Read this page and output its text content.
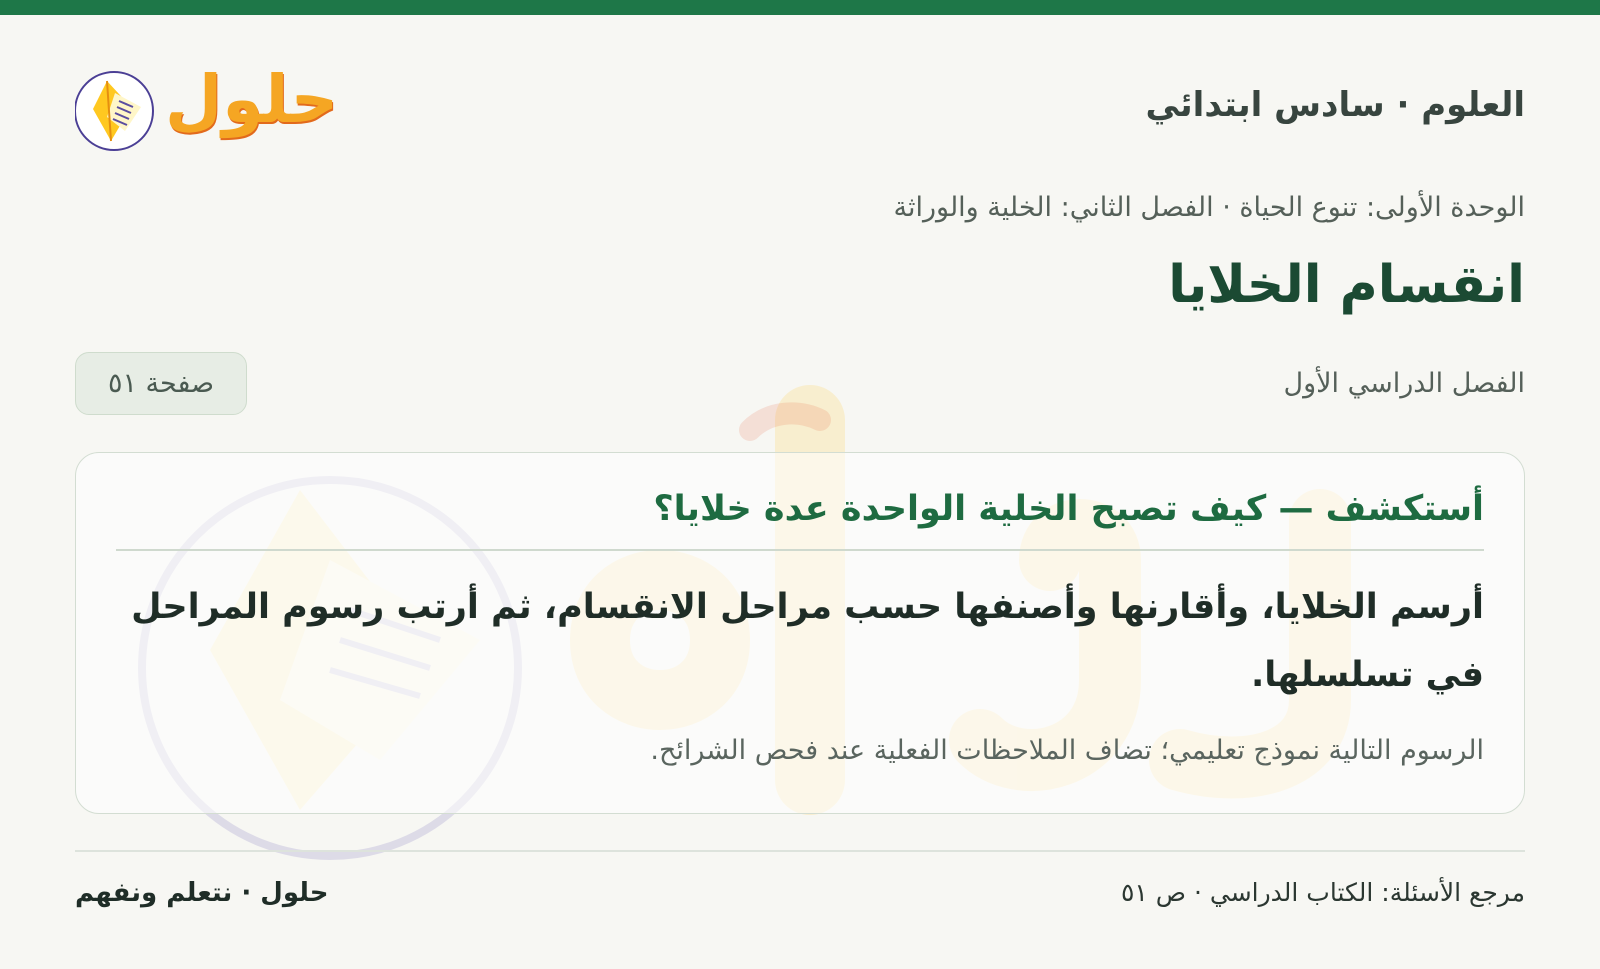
العلوم · سادس ابتدائي
حلول
الوحدة الأولى: تنوع الحياة · الفصل الثاني: الخلية والوراثة
انقسام الخلايا
الفصل الدراسي الأول
صفحة ٥١
أستكشف — كيف تصبح الخلية الواحدة عدة خلايا؟
أرسم الخلايا، وأقارنها وأصنفها حسب مراحل الانقسام، ثم أرتب رسوم المراحل في تسلسلها.
الرسوم التالية نموذج تعليمي؛ تضاف الملاحظات الفعلية عند فحص الشرائح.
مرجع الأسئلة: الكتاب الدراسي · ص ٥١
حلول · نتعلم ونفهم
